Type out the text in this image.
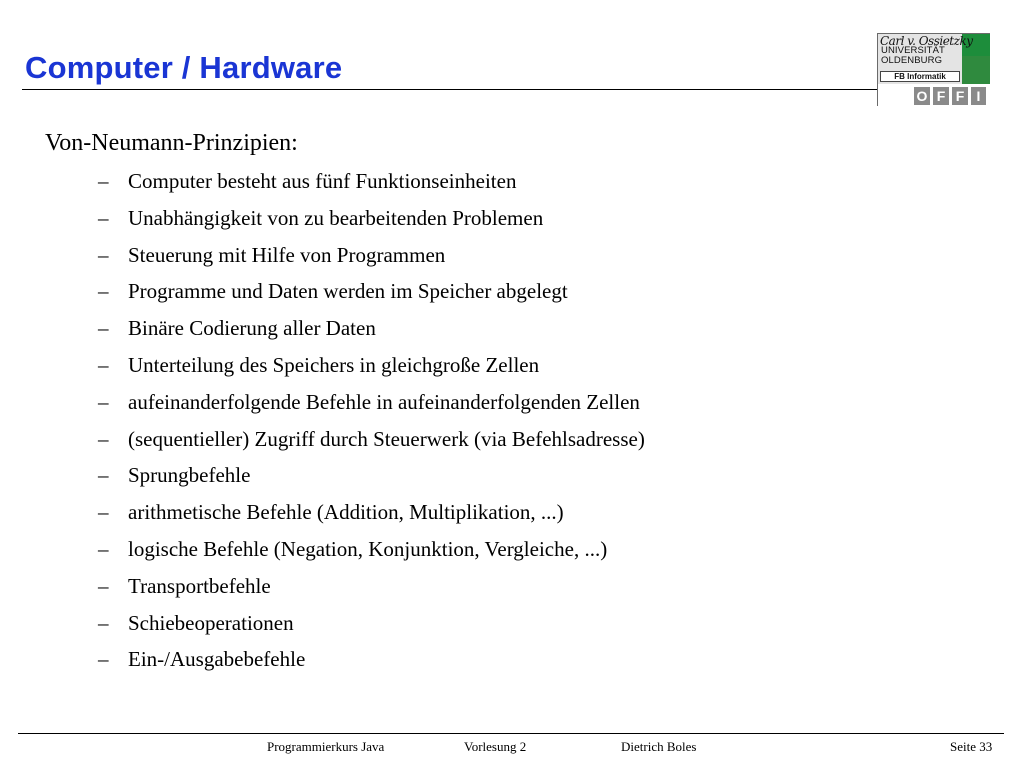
Computer / Hardware
Carl v. Ossietzky
UNIVERSITÄT
OLDENBURG
FB Informatik
O F F I
Von-Neumann-Prinzipien:
– Computer besteht aus fünf Funktionseinheiten
– Unabhängigkeit von zu bearbeitenden Problemen
– Steuerung mit Hilfe von Programmen
– Programme und Daten werden im Speicher abgelegt
– Binäre Codierung aller Daten
– Unterteilung des Speichers in gleichgroße Zellen
– aufeinanderfolgende Befehle in aufeinanderfolgenden Zellen
– (sequentieller) Zugriff durch Steuerwerk (via Befehlsadresse)
– Sprungbefehle
– arithmetische Befehle (Addition, Multiplikation, ...)
– logische Befehle (Negation, Konjunktion, Vergleiche, ...)
– Transportbefehle
– Schiebeoperationen
– Ein-/Ausgabebefehle
Programmierkurs Java	Vorlesung 2	Dietrich Boles	Seite 33
